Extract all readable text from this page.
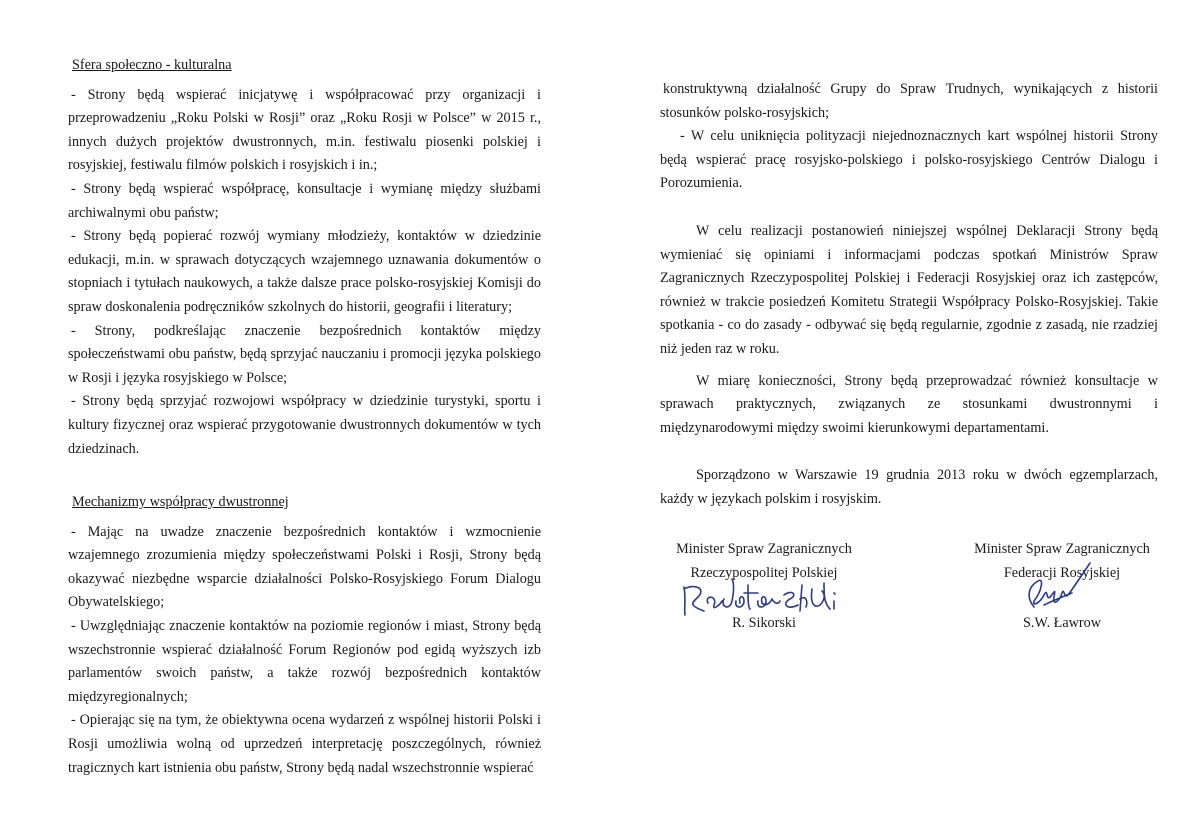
Sfera społeczno - kulturalna

- Strony będą wspierać inicjatywę i współpracować przy organizacji i przeprowadzeniu „Roku Polski w Rosji” oraz „Roku Rosji w Polsce” w 2015 r., innych dużych projektów dwustronnych, m.in. festiwalu piosenki polskiej i rosyjskiej, festiwalu filmów polskich i rosyjskich i in.;

- Strony będą wspierać współpracę, konsultacje i wymianę między służbami archiwalnymi obu państw;

- Strony będą popierać rozwój wymiany młodzieży, kontaktów w dziedzinie edukacji, m.in. w sprawach dotyczących wzajemnego uznawania dokumentów o stopniach i tytułach naukowych, a także dalsze prace polsko-rosyjskiej Komisji do spraw doskonalenia podręczników szkolnych do historii, geografii i literatury;

- Strony, podkreślając znaczenie bezpośrednich kontaktów między społeczeństwami obu państw, będą sprzyjać nauczaniu i promocji języka polskiego w Rosji i języka rosyjskiego w Polsce;

- Strony będą sprzyjać rozwojowi współpracy w dziedzinie turystyki, sportu i kultury fizycznej oraz wspierać przygotowanie dwustronnych dokumentów w tych dziedzinach.

Mechanizmy współpracy dwustronnej

- Mając na uwadze znaczenie bezpośrednich kontaktów i wzmocnienie wzajemnego zrozumienia między społeczeństwami Polski i Rosji, Strony będą okazywać niezbędne wsparcie działalności Polsko-Rosyjskiego Forum Dialogu Obywatelskiego;

- Uwzględniając znaczenie kontaktów na poziomie regionów i miast, Strony będą wszechstronnie wspierać działalność Forum Regionów pod egidą wyższych izb parlamentów swoich państw, a także rozwój bezpośrednich kontaktów międzyregionalnych;

- Opierając się na tym, że obiektywna ocena wydarzeń z wspólnej historii Polski i Rosji umożliwia wolną od uprzedzeń interpretację poszczególnych, również tragicznych kart istnienia obu państw, Strony będą nadal wszechstronnie wspierać

konstruktywną działalność Grupy do Spraw Trudnych, wynikających z historii stosunków polsko-rosyjskich;

- W celu uniknięcia polityzacji niejednoznacznych kart wspólnej historii Strony będą wspierać pracę rosyjsko-polskiego i polsko-rosyjskiego Centrów Dialogu i Porozumienia.

W celu realizacji postanowień niniejszej wspólnej Deklaracji Strony będą wymieniać się opiniami i informacjami podczas spotkań Ministrów Spraw Zagranicznych Rzeczypospolitej Polskiej i Federacji Rosyjskiej oraz ich zastępców, również w trakcie posiedzeń Komitetu Strategii Współpracy Polsko-Rosyjskiej. Takie spotkania - co do zasady - odbywać się będą regularnie, zgodnie z zasadą, nie rzadziej niż jeden raz w roku.

W miarę konieczności, Strony będą przeprowadzać również konsultacje w sprawach praktycznych, związanych ze stosunkami dwustronnymi i międzynarodowymi między swoimi kierunkowymi departamentami.

Sporządzono w Warszawie 19 grudnia 2013 roku w dwóch egzemplarzach, każdy w językach polskim i rosyjskim.

Minister Spraw Zagranicznych
Rzeczypospolitej Polskiej
R. Sikorski
Minister Spraw Zagranicznych
Federacji Rosyjskiej
S.W. Ławrow
